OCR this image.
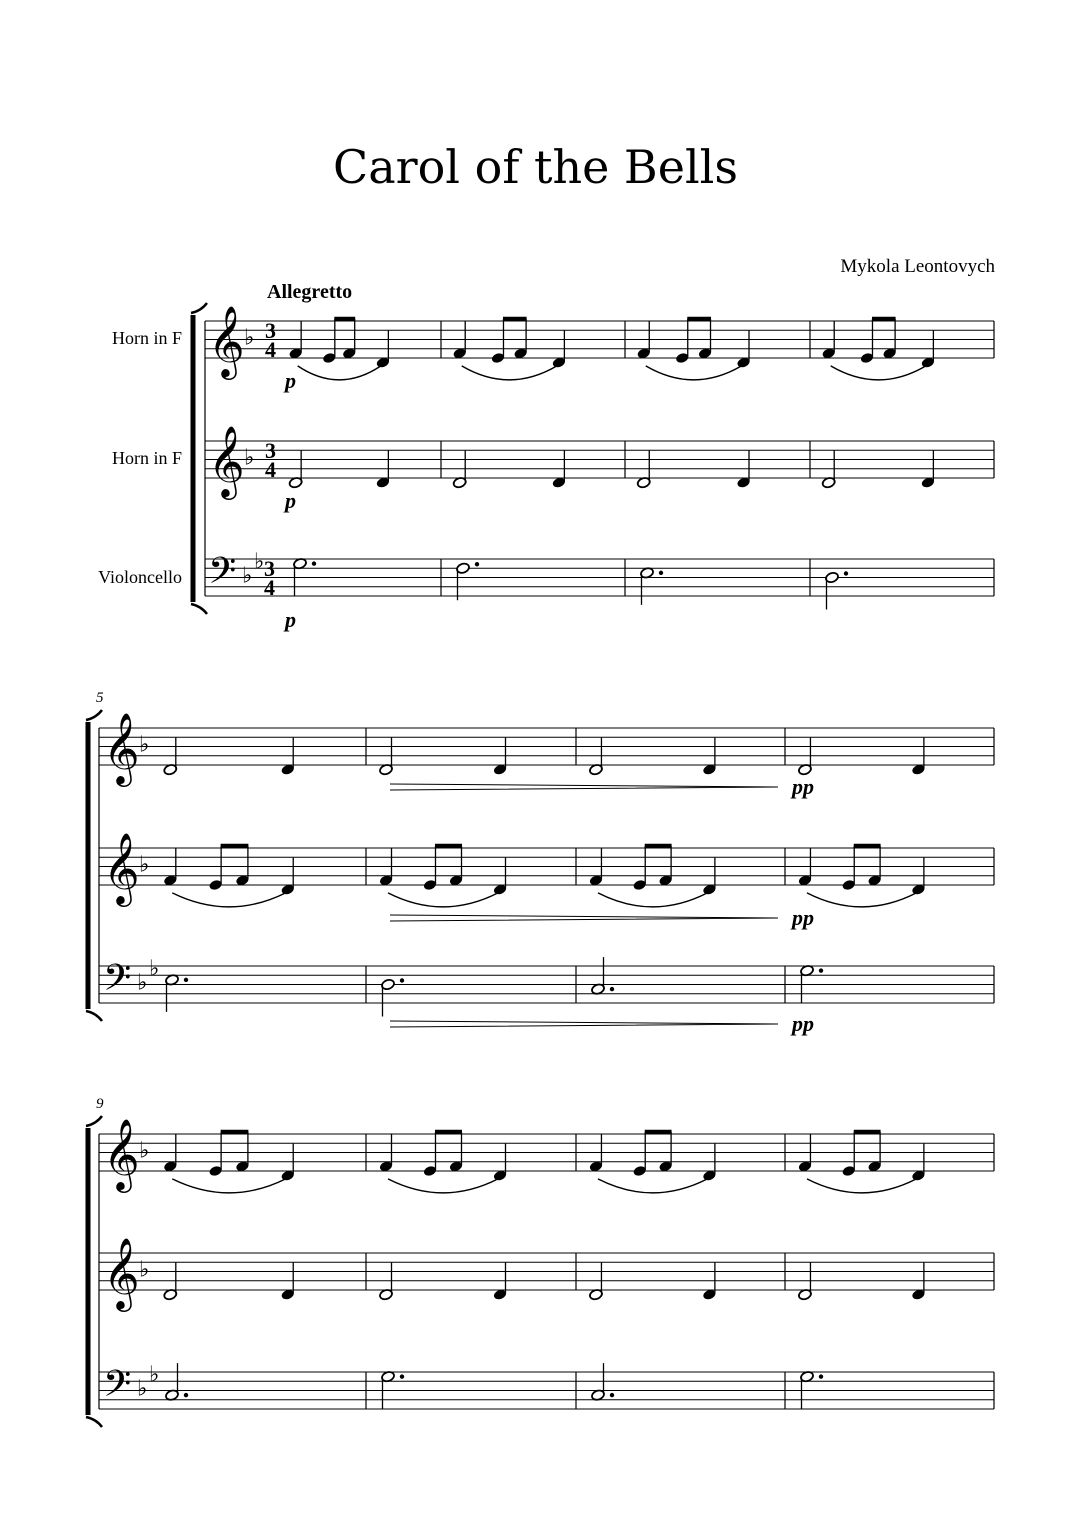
Carol of the Bells
Mykola Leontovych
Allegretto
Horn in F
Horn in F
Violoncello
5
9
𝄞 ♭ 3
4
𝄞 ♭ 3
4
𝄢 ♭
♭ 3
4
p
p
p
𝄞 ♭
𝄞 ♭
𝄢 ♭
♭
pp
pp
pp
𝄞 ♭
𝄞 ♭
𝄢 ♭
♭
